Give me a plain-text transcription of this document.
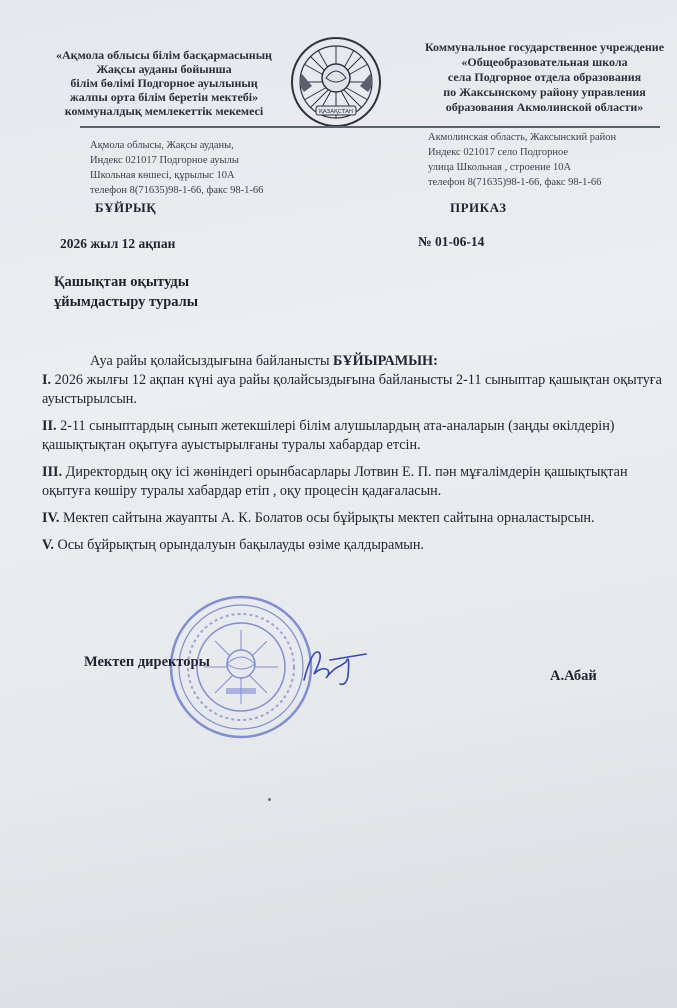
«Ақмола облысы білім басқармасының
Жақсы ауданы бойынша
білім бөлімі Подгорное ауылының
жалпы орта білім беретін мектебі»
коммуналдық мемлекеттік мекемесі	ҚАЗАҚСТАН
Коммунальное государственное учреждение
«Общеобразовательная школа
села Подгорное отдела образования
по Жаксынскому району управления
образования Акмолинской области»
Ақмола облысы, Жақсы ауданы,
Индекс 021017 Подгорное ауылы
Школьная көшесі, құрылыс 10А
телефон 8(71635)98-1-66, факс 98-1-66
Акмолинская область, Жаксынский район
Индекс 021017 село Подгорное
улица Школьная , строение 10А
телефон 8(71635)98-1-66, факс 98-1-66
БҰЙРЫҚ	ПРИКАЗ
2026 жыл 12 ақпан	№ 01-06-14
Қашықтан оқытуды
ұйымдастыру туралы

Ауа райы қолайсыздығына байланысты БҰЙЫРАМЫН:

I. 2026 жылғы 12 ақпан күні ауа райы қолайсыздығына байланысты 2-11 сыныптар қашықтан оқытуға ауыстырылсын.

II. 2-11 сыныптардың сынып жетекшілері білім алушылардың ата-аналарын (заңды өкілдерін) қашықтықтан оқытуға ауыстырылғаны туралы хабардар етсін.

III. Директордың оқу ісі жөніндегі орынбасарлары Лотвин Е. П. пән мұғалімдерін қашықтықтан оқытуға көшіру туралы хабардар етіп , оқу процесін қадағаласын.

IV. Мектеп сайтына жауапты А. К. Болатов осы бұйрықты мектеп сайтына орналастырсын.

V. Осы бұйрықтың орындалуын бақылауды өзіме қалдырамын.

Мектеп директоры
А.Абай
